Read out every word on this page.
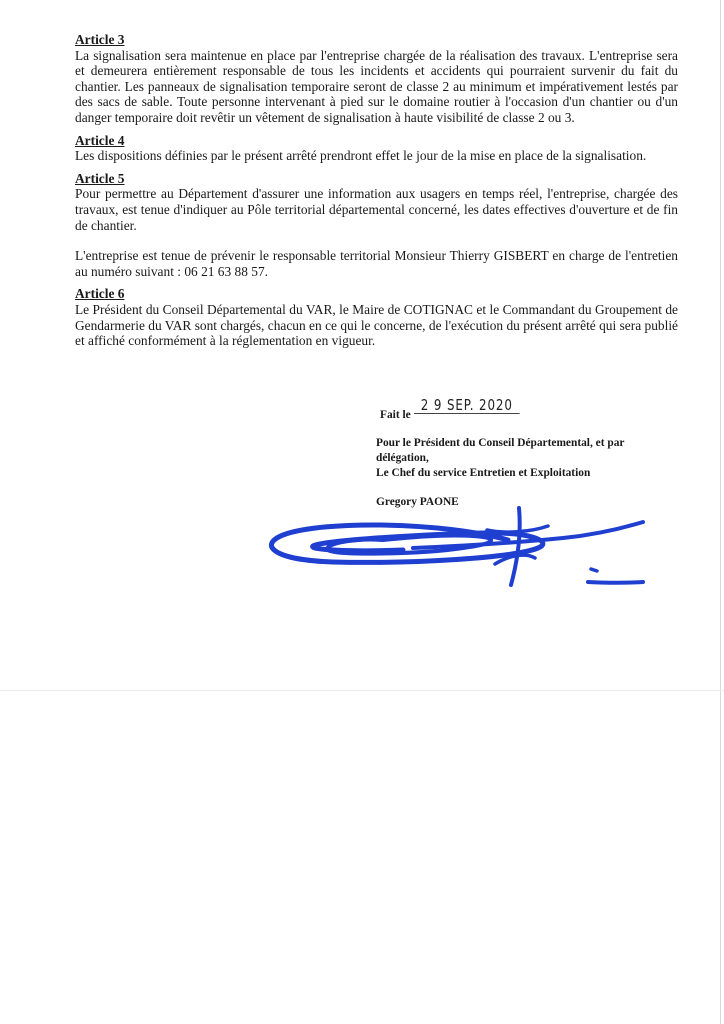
Article 3

La signalisation sera maintenue en place par l'entreprise chargée de la réalisation des travaux. L'entreprise sera et demeurera entièrement responsable de tous les incidents et accidents qui pourraient survenir du fait du chantier. Les panneaux de signalisation temporaire seront de classe 2 au minimum et impérativement lestés par des sacs de sable. Toute personne intervenant à pied sur le domaine routier à l'occasion d'un chantier ou d'un danger temporaire doit revêtir un vêtement de signalisation à haute visibilité de classe 2 ou 3.

Article 4

Les dispositions définies par le présent arrêté prendront effet le jour de la mise en place de la signalisation.

Article 5

Pour permettre au Département d'assurer une information aux usagers en temps réel, l'entreprise, chargée des travaux, est tenue d'indiquer au Pôle territorial départemental concerné, les dates effectives d'ouverture et de fin de chantier.

L'entreprise est tenue de prévenir le responsable territorial Monsieur Thierry GISBERT en charge de l'entretien au numéro suivant : 06 21 63 88 57.

Article 6

Le Président du Conseil Départemental du VAR, le Maire de COTIGNAC et le Commandant du Groupement de Gendarmerie du VAR sont chargés, chacun en ce qui le concerne, de l'exécution du présent arrêté qui sera publié et affiché conformément à la réglementation en vigueur.

Fait le
2 9 SEP. 2020
Pour le Président du Conseil Départemental, et par
délégation,
Le Chef du service Entretien et Exploitation
Gregory PAONE
